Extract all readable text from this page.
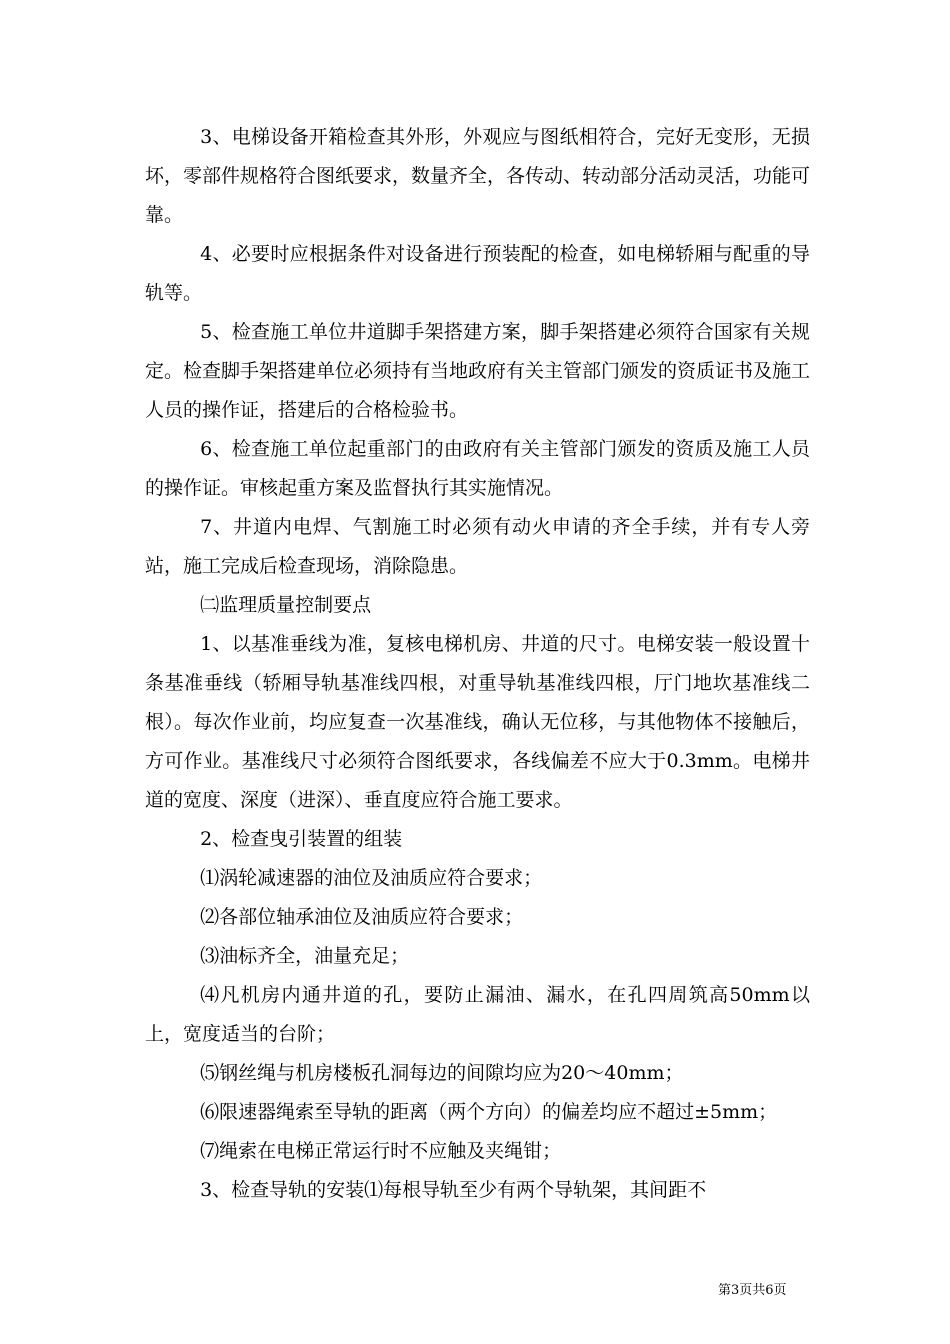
3、电梯设备开箱检查其外形，外观应与图纸相符合，完好无变形，无损坏，零部件规格符合图纸要求，数量齐全，各传动、转动部分活动灵活，功能可靠。

4、必要时应根据条件对设备进行预装配的检查，如电梯轿厢与配重的导轨等。

5、检查施工单位井道脚手架搭建方案，脚手架搭建必须符合国家有关规定。检查脚手架搭建单位必须持有当地政府有关主管部门颁发的资质证书及施工人员的操作证，搭建后的合格检验书。

6、检查施工单位起重部门的由政府有关主管部门颁发的资质及施工人员的操作证。审核起重方案及监督执行其实施情况。

7、井道内电焊、气割施工时必须有动火申请的齐全手续，并有专人旁站，施工完成后检查现场，消除隐患。

㈡监理质量控制要点

1、以基准垂线为准，复核电梯机房、井道的尺寸。电梯安装一般设置十条基准垂线（轿厢导轨基准线四根，对重导轨基准线四根，厅门地坎基准线二根）。每次作业前，均应复查一次基准线，确认无位移，与其他物体不接触后，方可作业。基准线尺寸必须符合图纸要求，各线偏差不应大于0.3mm。电梯井道的宽度、深度（进深）、垂直度应符合施工要求。

2、检查曳引装置的组装

⑴涡轮减速器的油位及油质应符合要求；

⑵各部位轴承油位及油质应符合要求；

⑶油标齐全，油量充足；

⑷凡机房内通井道的孔，要防止漏油、漏水，在孔四周筑高50mm以上，宽度适当的台阶；

⑸钢丝绳与机房楼板孔洞每边的间隙均应为20～40mm；

⑹限速器绳索至导轨的距离（两个方向）的偏差均应不超过±5mm；

⑺绳索在电梯正常运行时不应触及夹绳钳；

3、检查导轨的安装⑴每根导轨至少有两个导轨架，其间距不

第3页共6页
